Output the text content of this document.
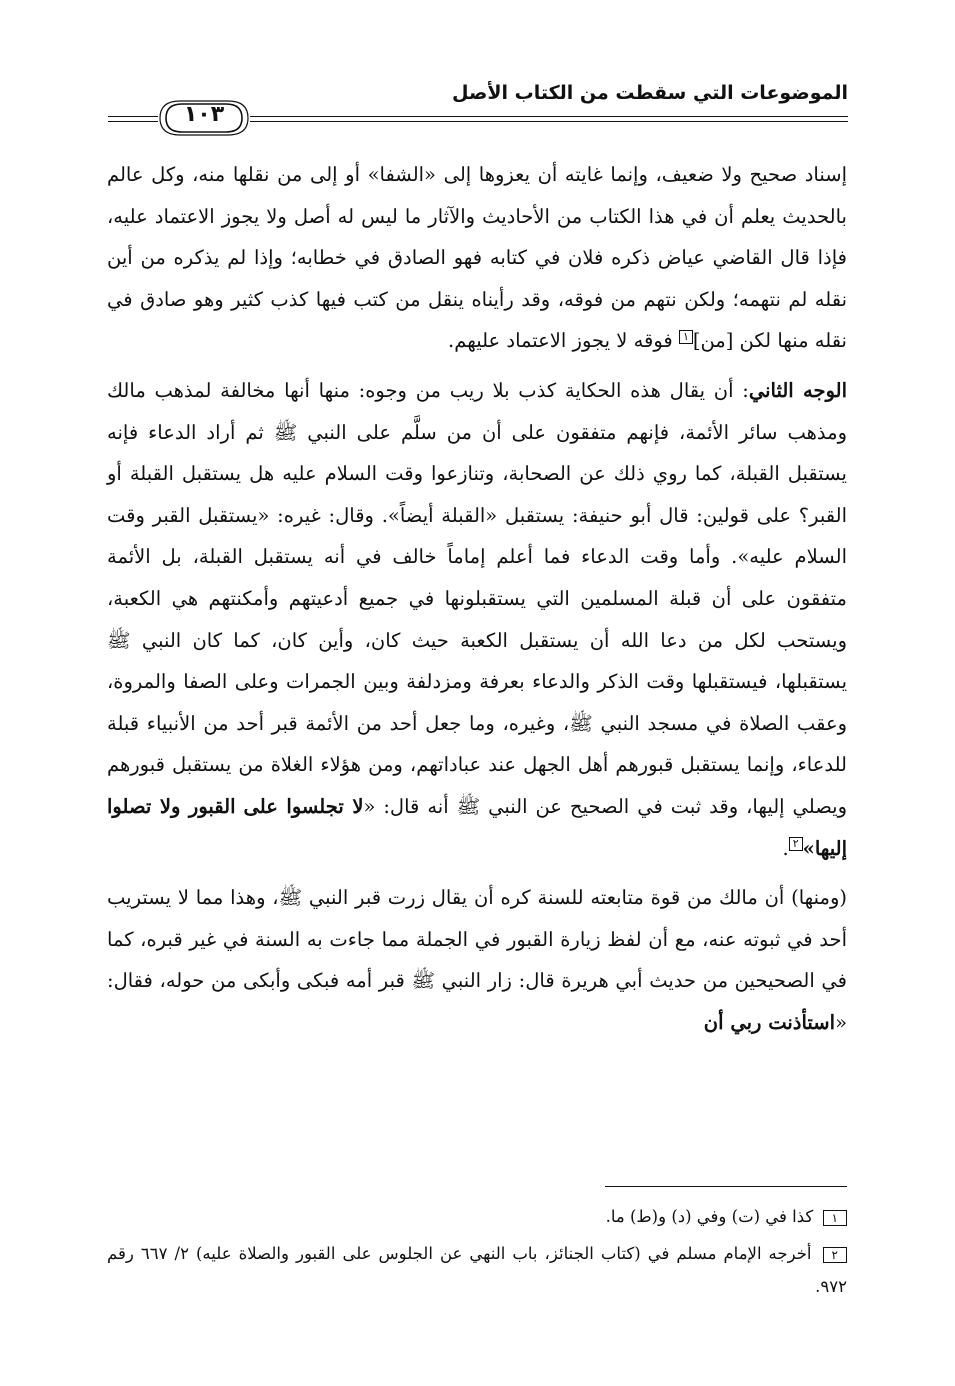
الموضوعات التي سقطت من الكتاب الأصل
١٠٣

إسناد صحيح ولا ضعيف، وإنما غايته أن يعزوها إلى «الشفا» أو إلى من نقلها منه، وكل عالم بالحديث يعلم أن في هذا الكتاب من الأحاديث والآثار ما ليس له أصل ولا يجوز الاعتماد عليه، فإذا قال القاضي عياض ذكره فلان في كتابه فهو الصادق في خطابه؛ وإذا لم يذكره من أين نقله لم نتهمه؛ ولكن نتهم من فوقه، وقد رأيناه ينقل من كتب فيها كذب كثير وهو صادق في نقله منها لكن [من]١ فوقه لا يجوز الاعتماد عليهم.

الوجه الثاني: أن يقال هذه الحكاية كذب بلا ريب من وجوه: منها أنها مخالفة لمذهب مالك ومذهب سائر الأئمة، فإنهم متفقون على أن من سلَّم على النبي ﷺ ثم أراد الدعاء فإنه يستقبل القبلة، كما روي ذلك عن الصحابة، وتنازعوا وقت السلام عليه هل يستقبل القبلة أو القبر؟ على قولين: قال أبو حنيفة: يستقبل «القبلة أيضاً». وقال: غيره: «يستقبل القبر وقت السلام عليه». وأما وقت الدعاء فما أعلم إماماً خالف في أنه يستقبل القبلة، بل الأئمة متفقون على أن قبلة المسلمين التي يستقبلونها في جميع أدعيتهم وأمكنتهم هي الكعبة، ويستحب لكل من دعا الله أن يستقبل الكعبة حيث كان، وأين كان، كما كان النبي ﷺ يستقبلها، فيستقبلها وقت الذكر والدعاء بعرفة ومزدلفة وبين الجمرات وعلى الصفا والمروة، وعقب الصلاة في مسجد النبي ﷺ، وغيره، وما جعل أحد من الأئمة قبر أحد من الأنبياء قبلة للدعاء، وإنما يستقبل قبورهم أهل الجهل عند عباداتهم، ومن هؤلاء الغلاة من يستقبل قبورهم ويصلي إليها، وقد ثبت في الصحيح عن النبي ﷺ أنه قال: «لا تجلسوا على القبور ولا تصلوا إليها»٢.

(ومنها) أن مالك من قوة متابعته للسنة كره أن يقال زرت قبر النبي ﷺ، وهذا مما لا يستريب أحد في ثبوته عنه، مع أن لفظ زيارة القبور في الجملة مما جاءت به السنة في غير قبره، كما في الصحيحين من حديث أبي هريرة قال: زار النبي ﷺ قبر أمه فبكى وأبكى من حوله، فقال: «استأذنت ربي أن

١ كذا في (ت) وفي (د) و(ط) ما.

٢ أخرجه الإمام مسلم في (كتاب الجنائز، باب النهي عن الجلوس على القبور والصلاة عليه) ٢/ ٦٦٧ رقم ٩٧٢.
